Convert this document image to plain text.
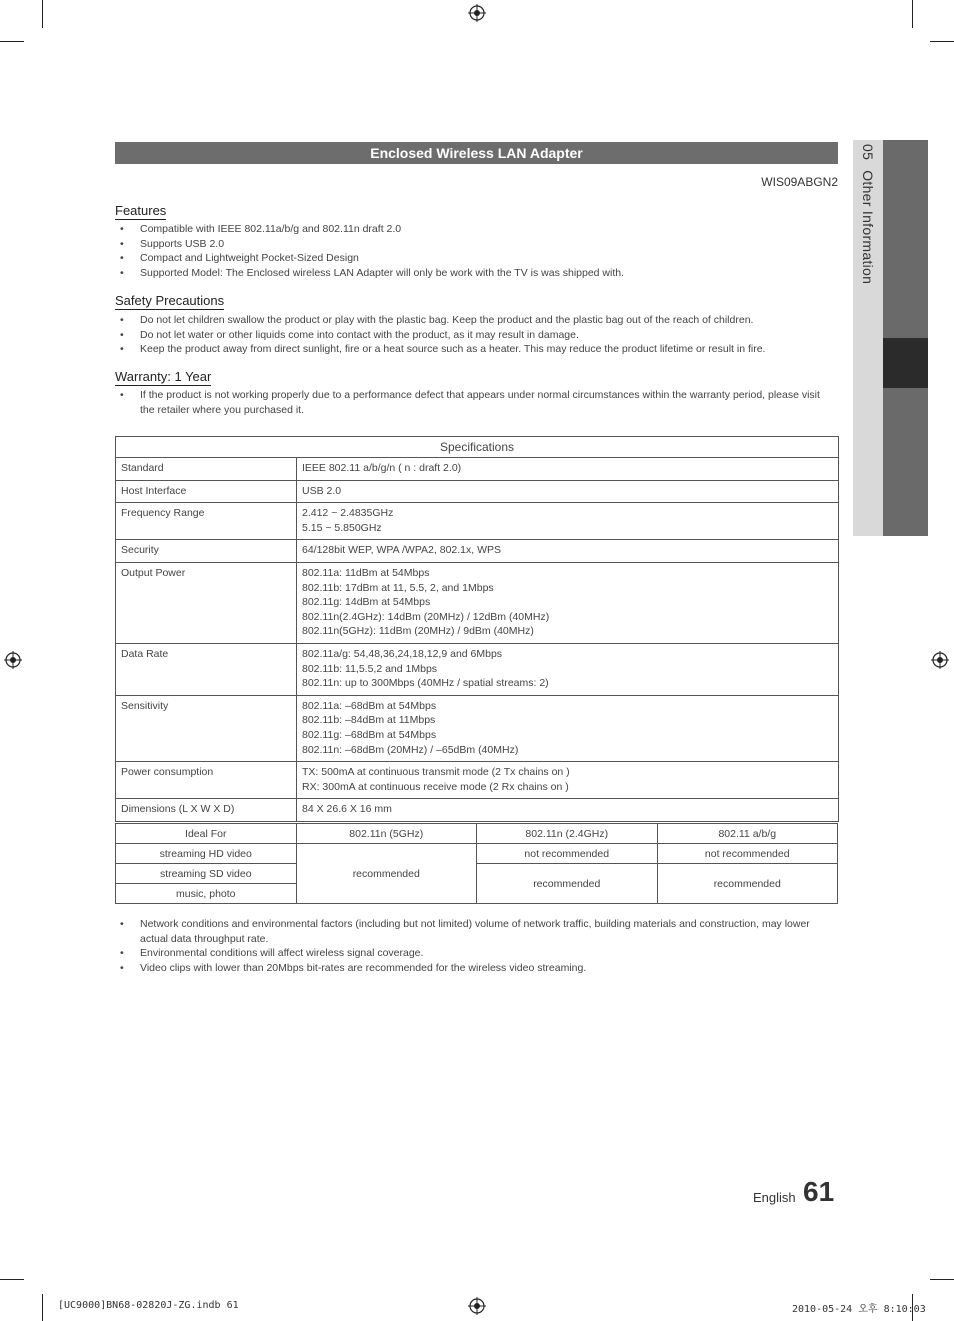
05Other Information
Enclosed Wireless LAN Adapter
WIS09ABGN2
Features
• Compatible with IEEE 802.11a/b/g and 802.11n draft 2.0
• Supports USB 2.0
• Compact and Lightweight Pocket-Sized Design
• Supported Model: The Enclosed wireless LAN Adapter will only be work with the TV is was shipped with.
Safety Precautions
• Do not let children swallow the product or play with the plastic bag. Keep the product and the plastic bag out of the reach of children.
• Do not let water or other liquids come into contact with the product, as it may result in damage.
• Keep the product away from direct sunlight, fire or a heat source such as a heater. This may reduce the product lifetime or result in fire.
Warranty: 1 Year
• If the product is not working properly due to a performance defect that appears under normal circumstances within the warranty period, please visit the retailer where you purchased it.
Specifications	
Standard	IEEE 802.11 a/b/g/n ( n : draft 2.0)
Host Interface	USB 2.0
Frequency Range	2.412 ~ 2.4835GHz
5.15 ~ 5.850GHz
Security	64/128bit WEP, WPA /WPA2, 802.1x, WPS
Output Power	802.11a: 11dBm at 54Mbps
802.11b: 17dBm at 11, 5.5, 2, and 1Mbps
802.11g: 14dBm at 54Mbps
802.11n(2.4GHz): 14dBm (20MHz) / 12dBm (40MHz)
802.11n(5GHz): 11dBm (20MHz) / 9dBm (40MHz)
Data Rate	802.11a/g: 54,48,36,24,18,12,9 and 6Mbps
802.11b: 11,5.5,2 and 1Mbps
802.11n: up to 300Mbps (40MHz / spatial streams: 2)
Sensitivity	802.11a: –68dBm at 54Mbps
802.11b: –84dBm at 11Mbps
802.11g: –68dBm at 54Mbps
802.11n: –68dBm (20MHz) / –65dBm (40MHz)
Power consumption	TX: 500mA at continuous transmit mode (2 Tx chains on )
RX: 300mA at continuous receive mode (2 Rx chains on )
Dimensions (L X W X D)	84 X 26.6 X 16 mm
Ideal For	802.11n (5GHz)	802.11n (2.4GHz)	802.11 a/b/g
streaming HD video	recommended	not recommended	not recommended
streaming SD video		recommended	recommended
music, photo			
• Network conditions and environmental factors (including but not limited) volume of network traffic, building materials and construction, may lower actual data throughput rate.
• Environmental conditions will affect wireless signal coverage.
• Video clips with lower than 20Mbps bit-rates are recommended for the wireless video streaming.
English 61
[UC9000]BN68-02820J-ZG.indb 61	2010-05-24 오후 8:10:03
